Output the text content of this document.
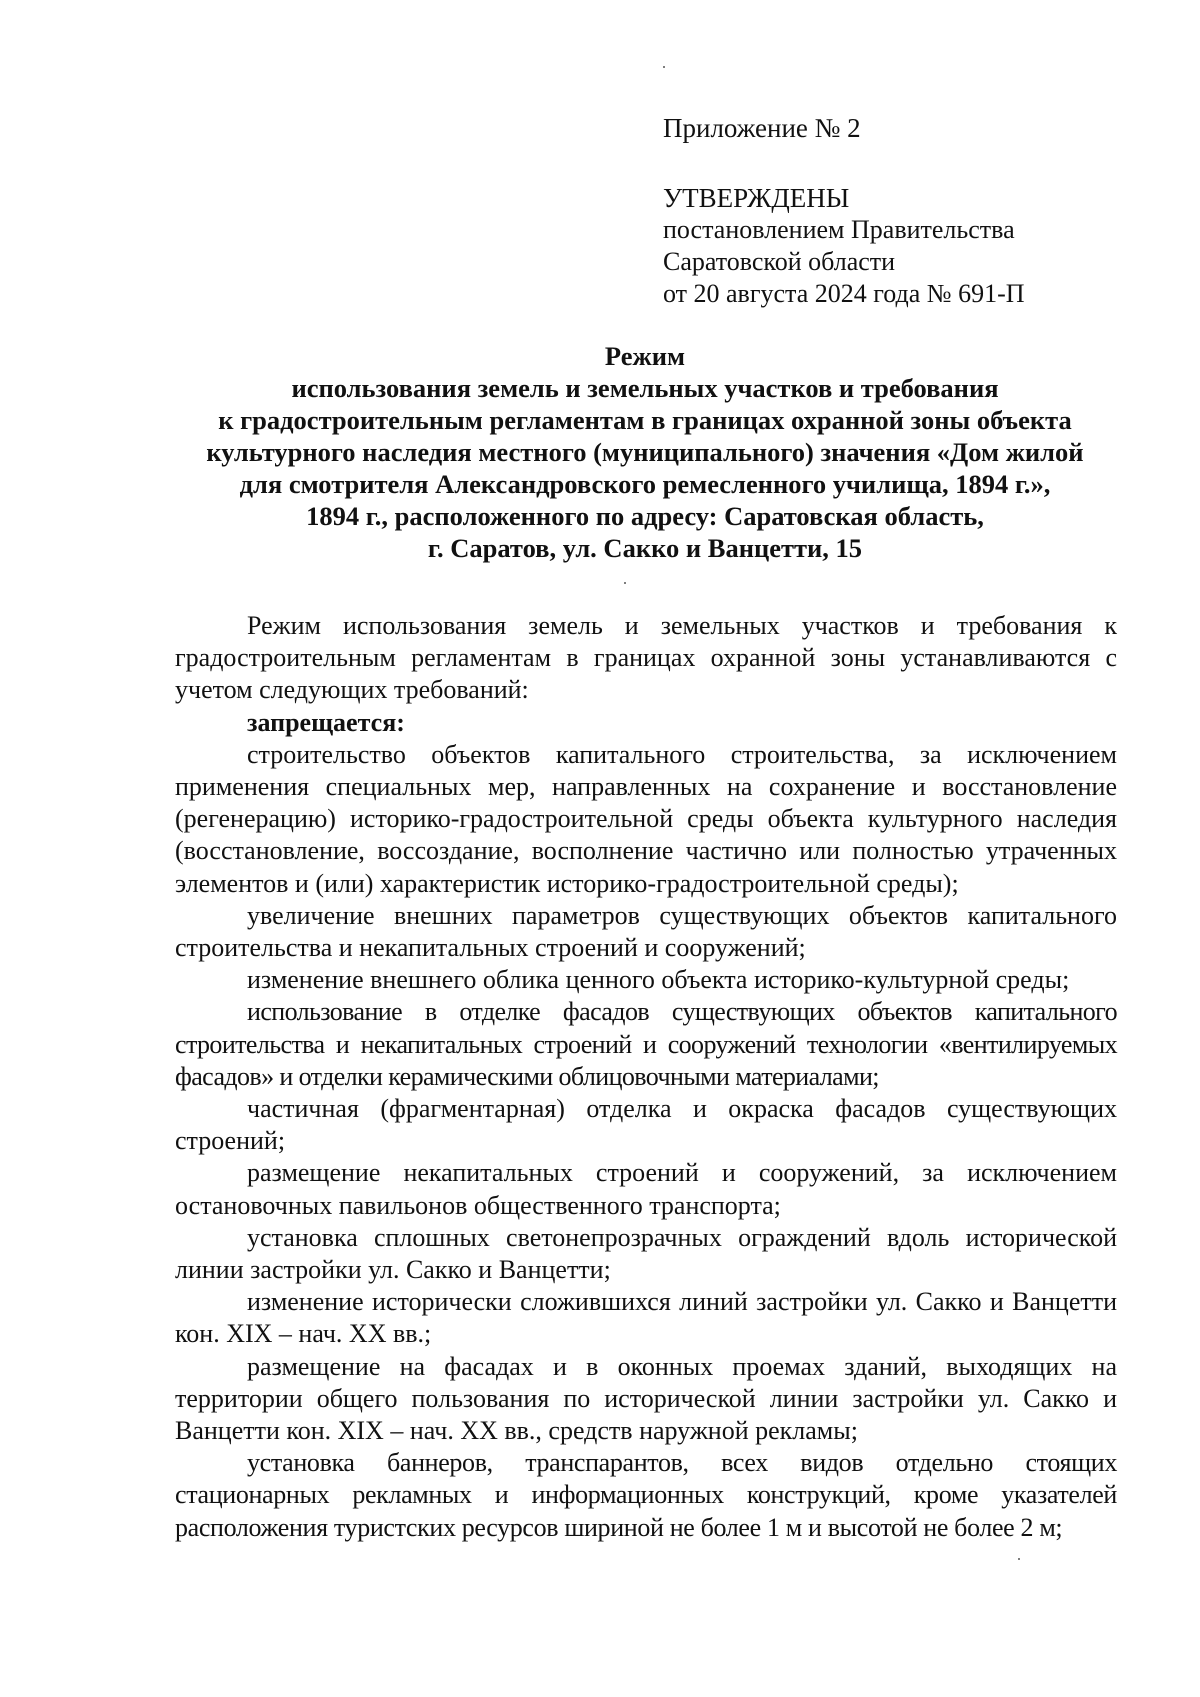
Приложение № 2
УТВЕРЖДЕНЫ
постановлением Правительства
Саратовской области
от 20 августа 2024 года № 691-П
Режим
использования земель и земельных участков и требования
к градостроительным регламентам в границах охранной зоны объекта
культурного наследия местного (муниципального) значения «Дом жилой
для смотрителя Александровского ремесленного училища, 1894 г.»,
1894 г., расположенного по адресу: Саратовская область,
г. Саратов, ул. Сакко и Ванцетти, 15

Режим использования земель и земельных участков и требования к градостроительным регламентам в границах охранной зоны устанавливаются с учетом следующих требований:

запрещается:

строительство объектов капитального строительства, за исключением применения специальных мер, направленных на сохранение и восстановление (регенерацию) историко-градостроительной среды объекта культурного наследия (восстановление, воссоздание, восполнение частично или полностью утраченных элементов и (или) характеристик историко-градостроительной среды);

увеличение внешних параметров существующих объектов капитального строительства и некапитальных строений и сооружений;

изменение внешнего облика ценного объекта историко-культурной среды;

использование в отделке фасадов существующих объектов капитального строительства и некапитальных строений и сооружений технологии «вентилируемых фасадов» и отделки керамическими облицовочными материалами;

частичная (фрагментарная) отделка и окраска фасадов существующих строений;

размещение некапитальных строений и сооружений, за исключением остановочных павильонов общественного транспорта;

установка сплошных светонепрозрачных ограждений вдоль исторической линии застройки ул. Сакко и Ванцетти;

изменение исторически сложившихся линий застройки ул. Сакко и Ванцетти кон. XIX – нач. XX вв.;

размещение на фасадах и в оконных проемах зданий, выходящих на территории общего пользования по исторической линии застройки ул. Сакко и Ванцетти кон. XIX – нач. XX вв., средств наружной рекламы;

установка баннеров, транспарантов, всех видов отдельно стоящих стационарных рекламных и информационных конструкций, кроме указателей расположения туристских ресурсов шириной не более 1 м и высотой не более 2 м;
